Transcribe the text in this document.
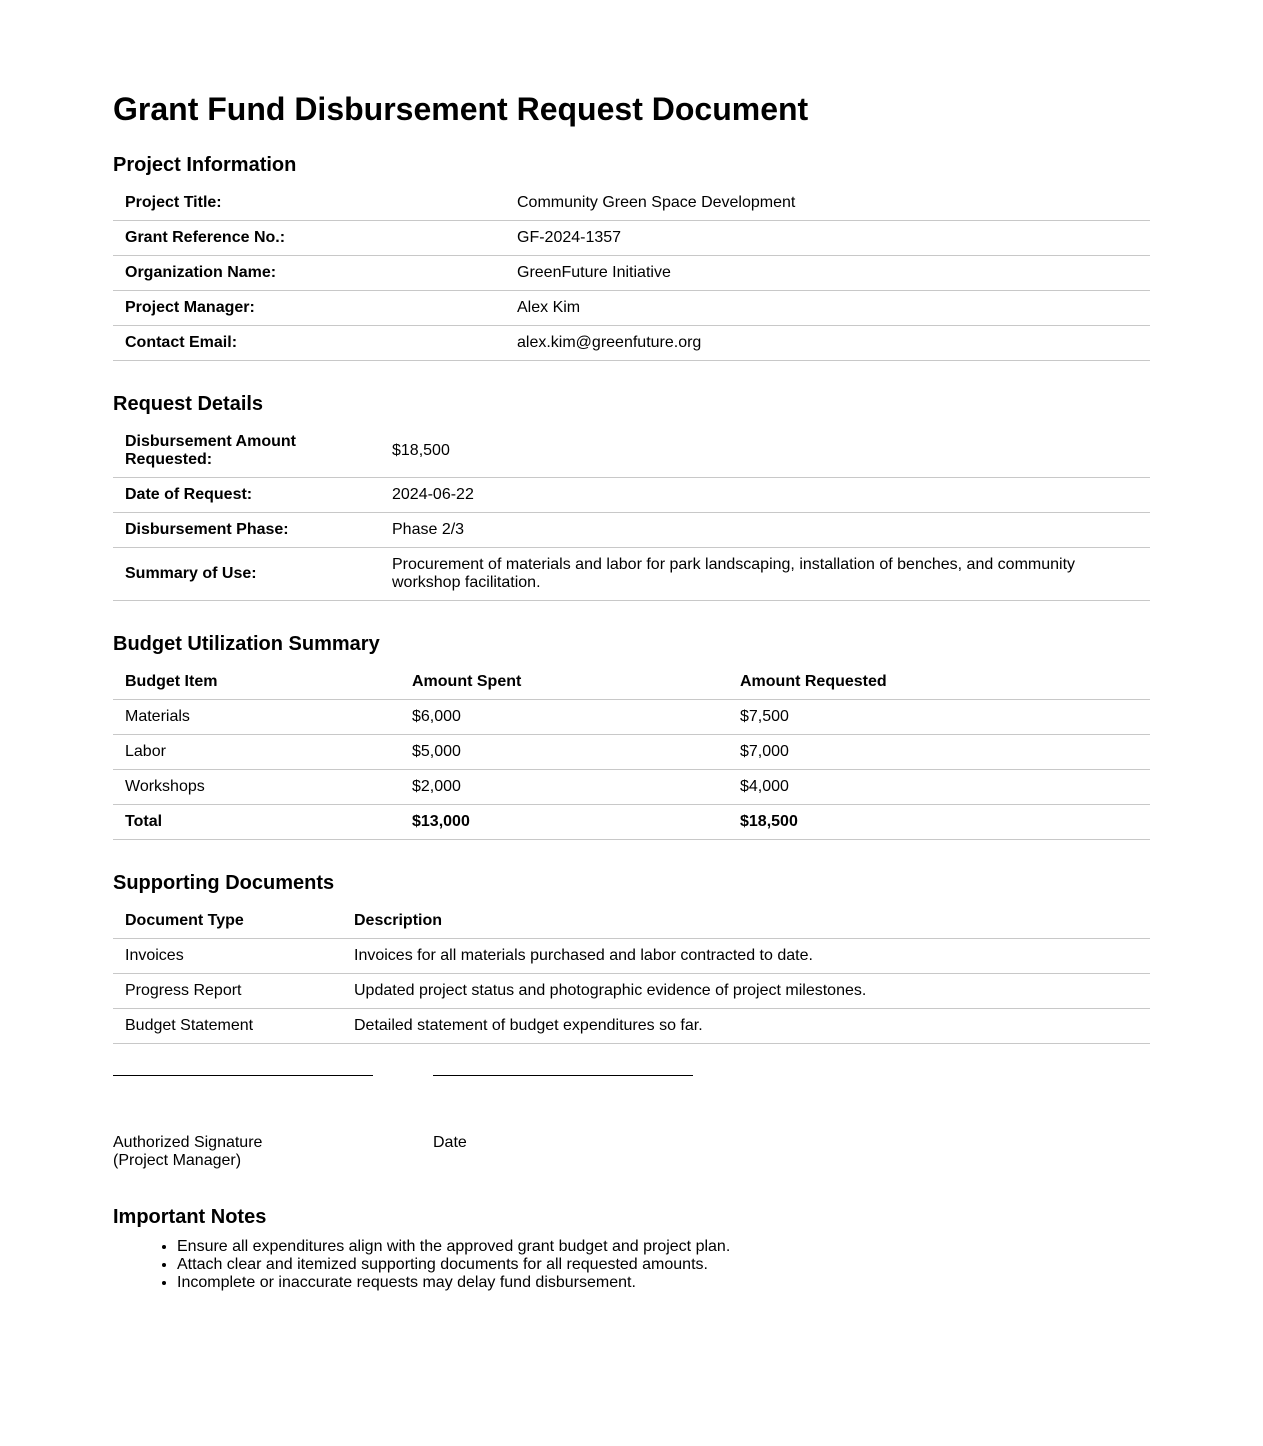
Grant Fund Disbursement Request Document
Project Information
Project Title:	Community Green Space Development
Grant Reference No.:	GF-2024-1357
Organization Name:	GreenFuture Initiative
Project Manager:	Alex Kim
Contact Email:	alex.kim@greenfuture.org
Request Details
Disbursement Amount Requested:	$18,500
Date of Request:	2024-06-22
Disbursement Phase:	Phase 2/3
Summary of Use:	Procurement of materials and labor for park landscaping, installation of benches, and community workshop facilitation.
Budget Utilization Summary
Budget Item	Amount Spent	Amount Requested
Materials	$6,000	$7,500
Labor	$5,000	$7,000
Workshops	$2,000	$4,000
Total	$13,000	$18,500
Supporting Documents
Document Type	Description
Invoices	Invoices for all materials purchased and labor contracted to date.
Progress Report	Updated project status and photographic evidence of project milestones.
Budget Statement	Detailed statement of budget expenditures so far.
Authorized Signature
(Project Manager)
Date
Important Notes
• Ensure all expenditures align with the approved grant budget and project plan.
• Attach clear and itemized supporting documents for all requested amounts.
• Incomplete or inaccurate requests may delay fund disbursement.
